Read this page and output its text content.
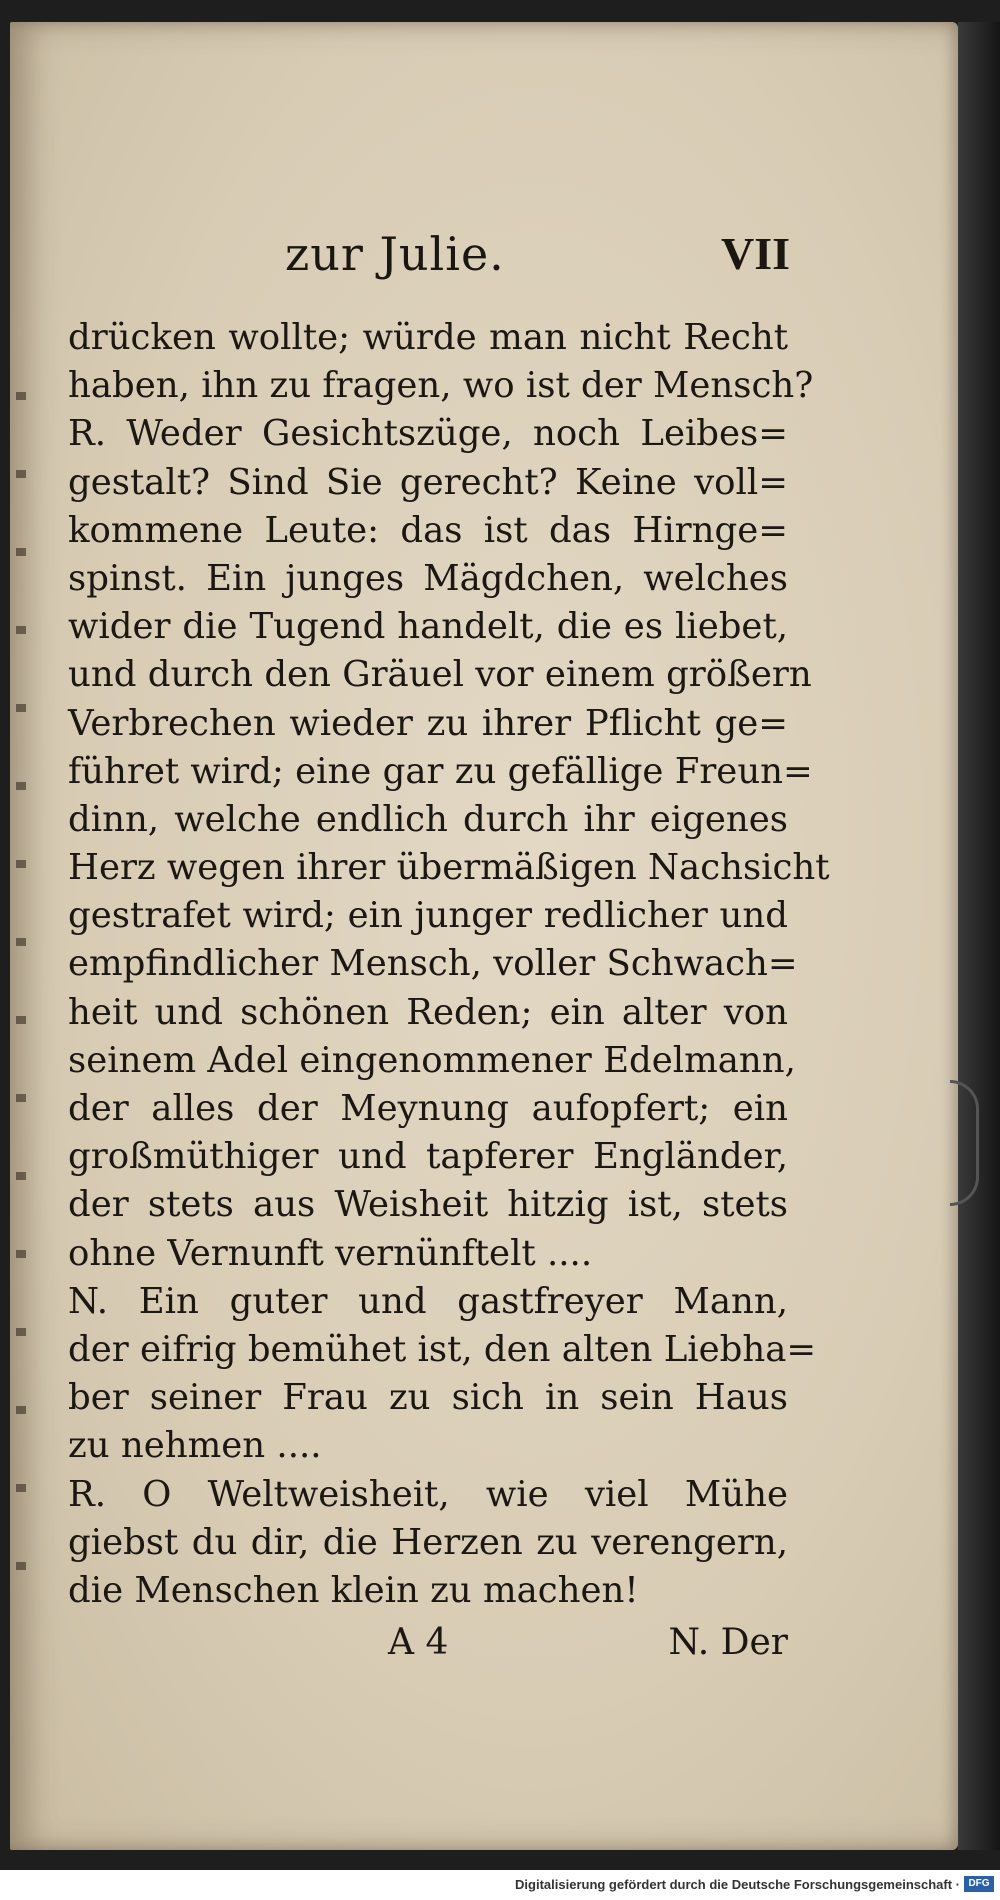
zur Julie.	VII
drücken wollte; würde man nicht Recht
haben, ihn zu fragen, wo ist der Mensch?
R. Weder Gesichtszüge, noch Leibes=
gestalt? Sind Sie gerecht? Keine voll=
kommene Leute: das ist das Hirnge=
spinst. Ein junges Mägdchen, welches
wider die Tugend handelt, die es liebet,
und durch den Gräuel vor einem größern
Verbrechen wieder zu ihrer Pflicht ge=
führet wird; eine gar zu gefällige Freun=
dinn, welche endlich durch ihr eigenes
Herz wegen ihrer übermäßigen Nachsicht
gestrafet wird; ein junger redlicher und
empfindlicher Mensch, voller Schwach=
heit und schönen Reden; ein alter von
seinem Adel eingenommener Edelmann,
der alles der Meynung aufopfert; ein
großmüthiger und tapferer Engländer,
der stets aus Weisheit hitzig ist, stets
ohne Vernunft vernünftelt ....
N. Ein guter und gastfreyer Mann,
der eifrig bemühet ist, den alten Liebha=
ber seiner Frau zu sich in sein Haus
zu nehmen ....
R. O Weltweisheit, wie viel Mühe
giebst du dir, die Herzen zu verengern,
die Menschen klein zu machen!
A 4	N. Der
Digitalisierung gefördert durch die Deutsche Forschungsgemeinschaft · DFG
